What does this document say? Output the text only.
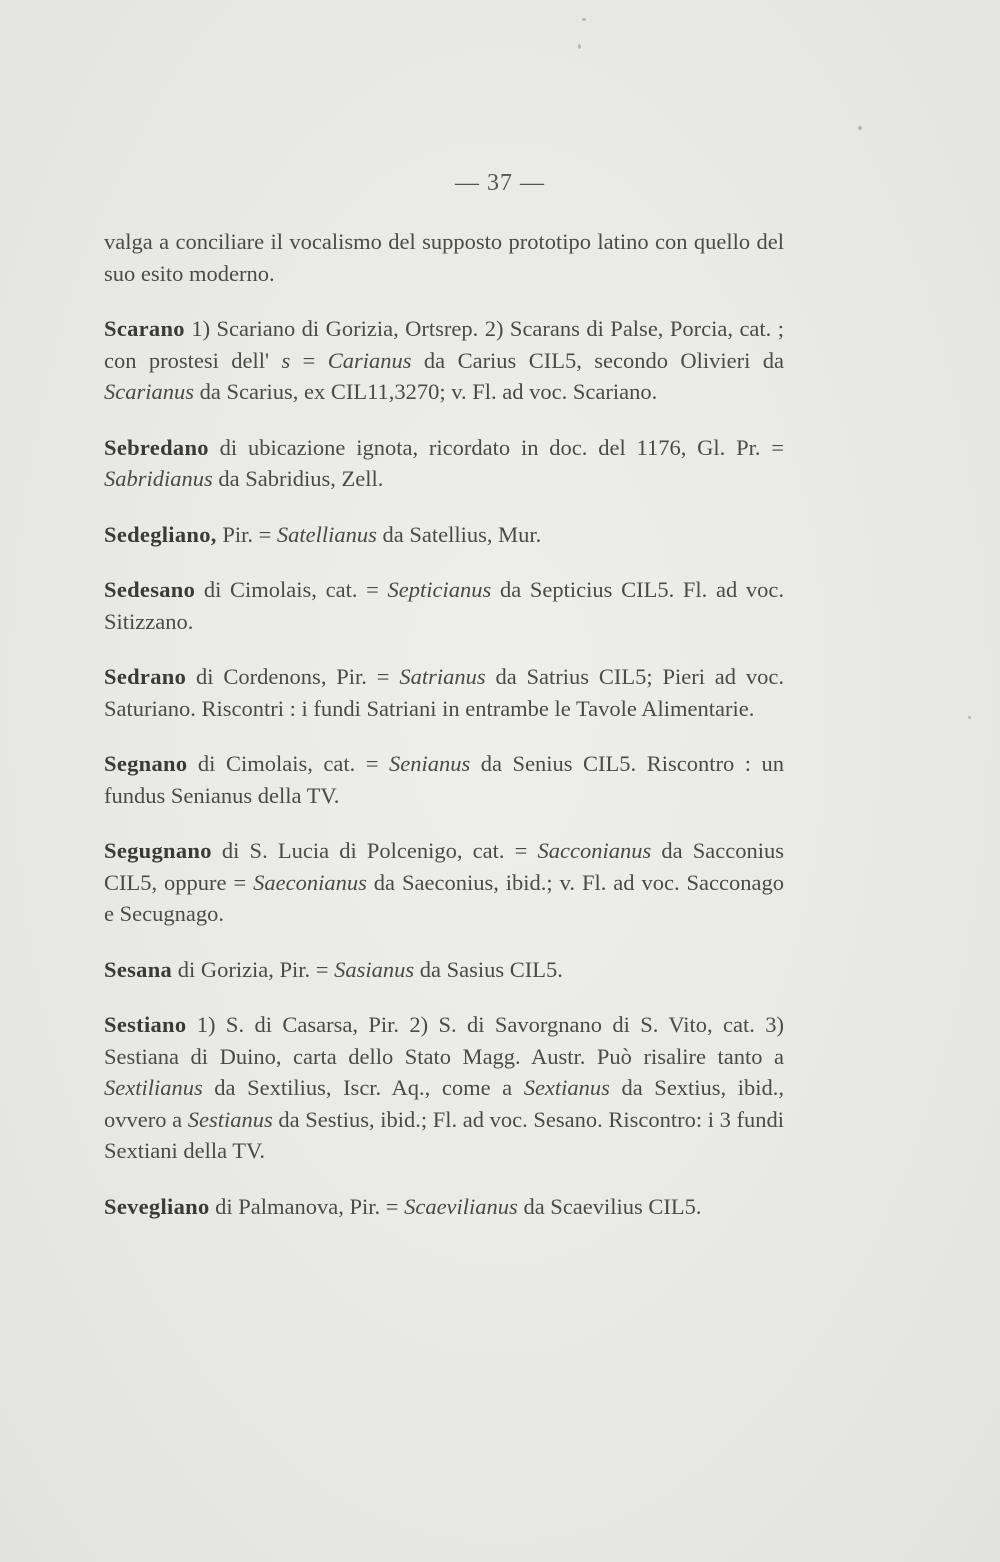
— 37 —

valga a conciliare il vocalismo del supposto prototipo latino con quello del suo esito moderno.

Scarano 1) Scariano di Gorizia, Ortsrep. 2) Scarans di Palse, Porcia, cat. ; con prostesi dell' s = Carianus da Carius CIL5, secondo Olivieri da Scarianus da Scarius, ex CIL11,3270; v. Fl. ad voc. Scariano.

Sebredano di ubicazione ignota, ricordato in doc. del 1176, Gl. Pr. = Sabridianus da Sabridius, Zell.

Sedegliano, Pir. = Satellianus da Satellius, Mur.

Sedesano di Cimolais, cat. = Septicianus da Septicius CIL5. Fl. ad voc. Sitizzano.

Sedrano di Cordenons, Pir. = Satrianus da Satrius CIL5; Pieri ad voc. Saturiano. Riscontri : i fundi Satriani in entrambe le Tavole Alimentarie.

Segnano di Cimolais, cat. = Senianus da Senius CIL5. Riscontro : un fundus Senianus della TV.

Segugnano di S. Lucia di Polcenigo, cat. = Sacconianus da Sacconius CIL5, oppure = Saeconianus da Saeconius, ibid.; v. Fl. ad voc. Sacconago e Secugnago.

Sesana di Gorizia, Pir. = Sasianus da Sasius CIL5.

Sestiano 1) S. di Casarsa, Pir. 2) S. di Savorgnano di S. Vito, cat. 3) Sestiana di Duino, carta dello Stato Magg. Austr. Può risalire tanto a Sextilianus da Sextilius, Iscr. Aq., come a Sextianus da Sextius, ibid., ovvero a Sestianus da Sestius, ibid.; Fl. ad voc. Sesano. Riscontro: i 3 fundi Sextiani della TV.

Sevegliano di Palmanova, Pir. = Scaevilianus da Scaevilius CIL5.
